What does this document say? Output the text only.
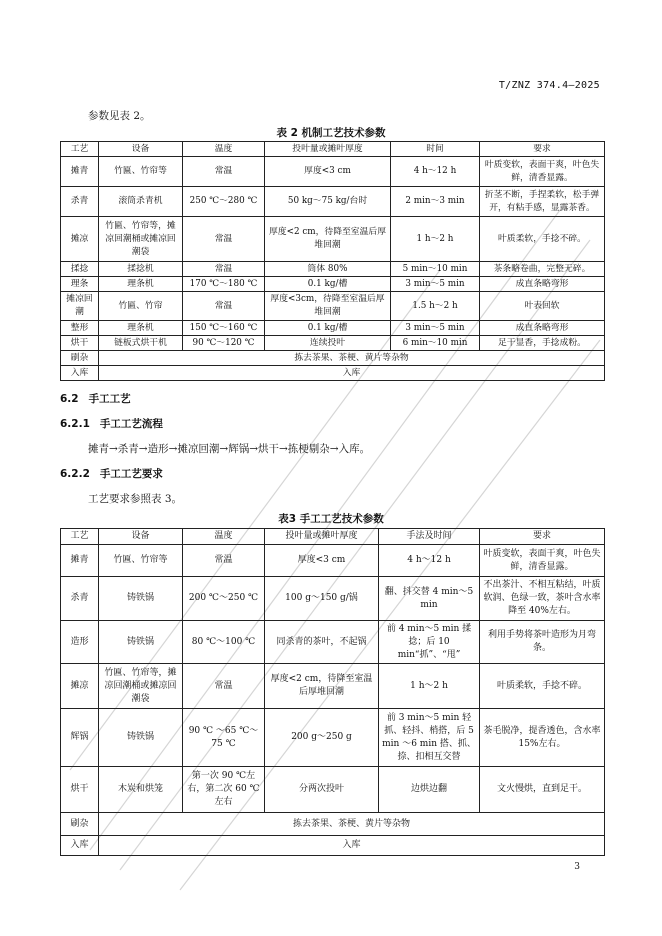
T/ZNZ 374.4—2025
参数见表 2。
表 2 机制工艺技术参数
工艺	设备	温度	投叶量或摊叶厚度	时间	要求
摊青	竹匾、竹帘等	常温	厚度<3 cm	4 h～12 h	叶质变软，表面干爽，叶色失鲜，清香显露。
杀青	滚筒杀青机	250 ℃～280 ℃	50 kg～75 kg/台时	2 min～3 min	折茎不断，手捏柔软，松手弹开，有粘手感，显露茶香。
摊凉	竹匾、竹帘等，摊凉回潮桶或摊凉回潮袋	常温	厚度<2 cm，待降至室温后厚堆回潮	1 h～2 h	叶质柔软，手捻不碎。
揉捻	揉捻机	常温	筒体 80%	5 min～10 min	茶条略卷曲，完整无碎。
理条	理条机	170 ℃～180 ℃	0.1 kg/槽	3 min～5 min	成直条略弯形
摊凉回潮	竹匾、竹帘	常温	厚度<3cm，待降至室温后厚堆回潮	1.5 h～2 h	叶表回软
整形	理条机	150 ℃～160 ℃	0.1 kg/槽	3 min～5 min	成直条略弯形
烘干	链板式烘干机	90 ℃～120 ℃	连续投叶	6 min～10 min	足干显香，手捻成粉。
刷杂	拣去茶果、茶梗、黄片等杂物				
入库	入库				
6.2 手工工艺
6.2.1 手工工艺流程
摊青→杀青→造形→摊凉回潮→辉锅→烘干→拣梗剔杂→入库。
6.2.2 手工工艺要求
工艺要求参照表 3。
表3 手工工艺技术参数
工艺	设备	温度	投叶量或摊叶厚度	手法及时间	要求
摊青	竹匾、竹帘等	常温	厚度<3 cm	4 h～12 h	叶质变软，表面干爽，叶色失鲜，清香显露。
杀青	铸铁锅	200 ℃～250 ℃	100 g～150 g/锅	翻、抖交替 4 min～5 min	不出茶汁、不相互粘结，叶质软润、色绿一致，茶叶含水率降至 40%左右。
造形	铸铁锅	80 ℃～100 ℃	同杀青的茶叶，不起锅	前 4 min～5 min 揉捻；后 10 min“抓”、“甩”	利用手势将茶叶造形为月弯条。
摊凉	竹匾、竹帘等，摊凉回潮桶或摊凉回潮袋	常温	厚度<2 cm，待降至室温后厚堆回潮	1 h～2 h	叶质柔软，手捻不碎。
辉锅	铸铁锅	90 ℃ ～65 ℃～75 ℃	200 g～250 g	前 3 min～5 min 轻抓、轻抖、梢搭，后 5 min ～6 min 搭、抓、捺、扣相互交替	茶毛脱净，提香透色，含水率 15%左右。
烘干	木炭和烘笼	第一次 90 ℃左右，第二次 60 ℃左右	分两次投叶	边烘边翻	文火慢烘，直到足干。
刷杂	拣去茶果、茶梗、黄片等杂物				
入库	入库				
3
